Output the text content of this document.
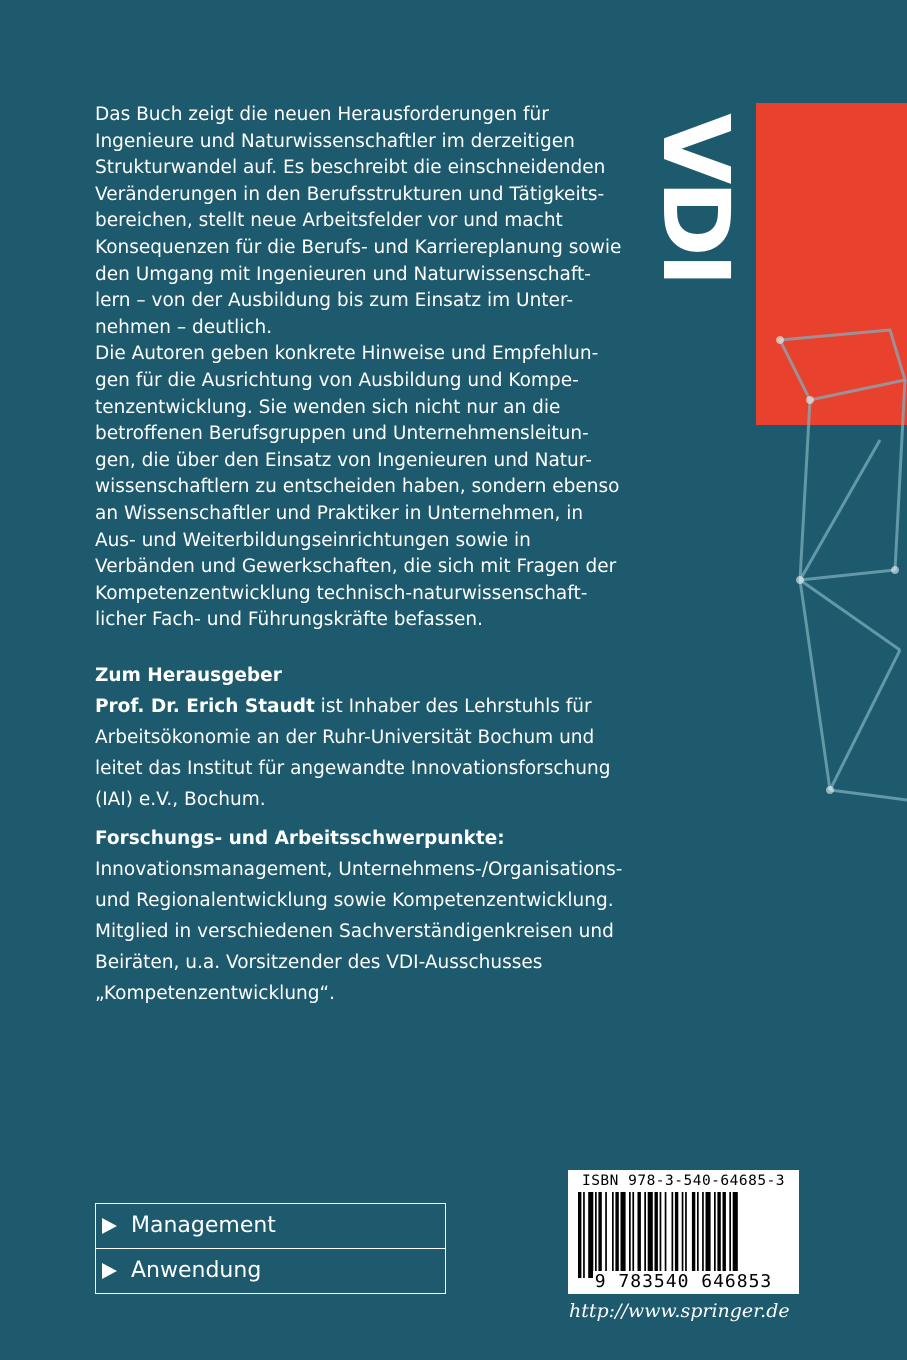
VDI

Das Buch zeigt die neuen Herausforderungen für

Ingenieure und Naturwissenschaftler im derzeitigen

Strukturwandel auf. Es beschreibt die einschneidenden

Veränderungen in den Berufsstrukturen und Tätigkeits-

bereichen, stellt neue Arbeitsfelder vor und macht

Konsequenzen für die Berufs- und Karriereplanung sowie

den Umgang mit Ingenieuren und Naturwissenschaft-

lern – von der Ausbildung bis zum Einsatz im Unter-

nehmen – deutlich.

Die Autoren geben konkrete Hinweise und Empfehlun-

gen für die Ausrichtung von Ausbildung und Kompe-

tenzentwicklung. Sie wenden sich nicht nur an die

betroffenen Berufsgruppen und Unternehmensleitun-

gen, die über den Einsatz von Ingenieuren und Natur-

wissenschaftlern zu entscheiden haben, sondern ebenso

an Wissenschaftler und Praktiker in Unternehmen, in

Aus- und Weiterbildungseinrichtungen sowie in

Verbänden und Gewerkschaften, die sich mit Fragen der

Kompetenzentwicklung technisch-naturwissenschaft-

licher Fach- und Führungskräfte befassen.

Zum Herausgeber
Prof. Dr. Erich Staudt ist Inhaber des Lehrstuhls für
Arbeitsökonomie an der Ruhr-Universität Bochum und
leitet das Institut für angewandte Innovationsforschung
(IAI) e.V., Bochum.
Forschungs- und Arbeitsschwerpunkte:
Innovationsmanagement, Unternehmens-/Organisations-
und Regionalentwicklung sowie Kompetenzentwicklung.
Mitglied in verschiedenen Sachverständigenkreisen und
Beiräten, u.a. Vorsitzender des VDI-Ausschusses
„Kompetenzentwicklung“.
Management
Anwendung
ISBN 978-3-540-64685-3
9 783540 646853
http://www.springer.de
